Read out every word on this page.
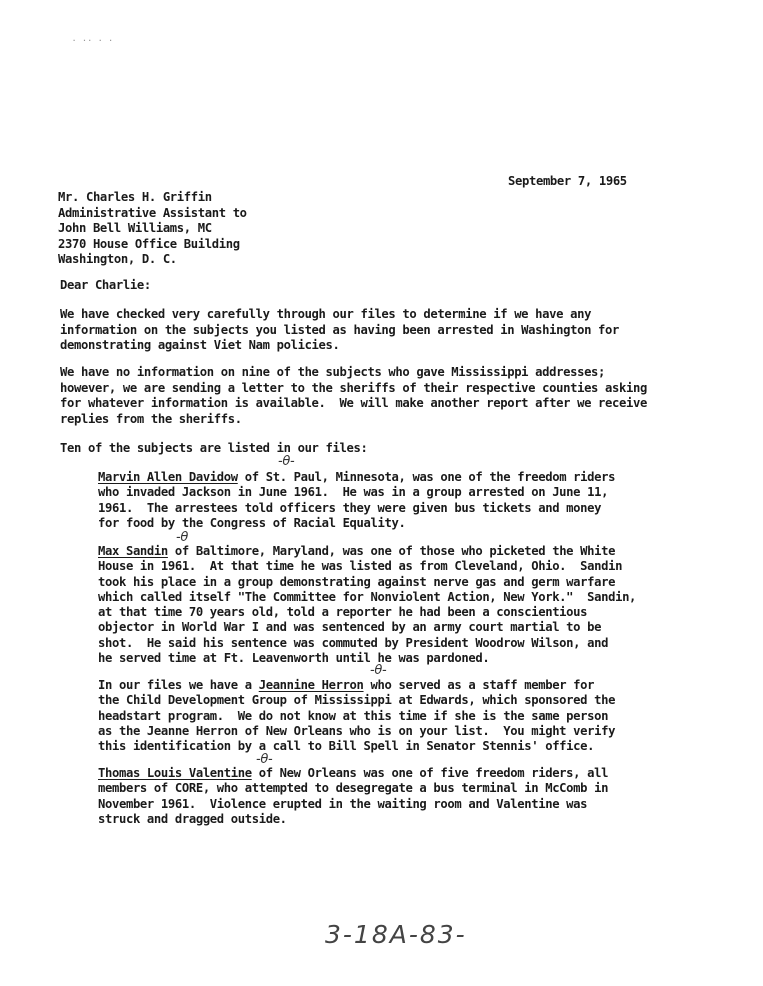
· ·· · ·
September 7, 1965
Mr. Charles H. Griffin
Administrative Assistant to
John Bell Williams, MC
2370 House Office Building
Washington, D. C.
Dear Charlie:
We have checked very carefully through our files to determine if we have any
information on the subjects you listed as having been arrested in Washington for
demonstrating against Viet Nam policies.
We have no information on nine of the subjects who gave Mississippi addresses;
however, we are sending a letter to the sheriffs of their respective counties asking
for whatever information is available.  We will make another report after we receive
replies from the sheriffs.
Ten of the subjects are listed in our files:
-θ-
Marvin Allen Davidow of St. Paul, Minnesota, was one of the freedom riders
who invaded Jackson in June 1961.  He was in a group arrested on June 11,
1961.  The arrestees told officers they were given bus tickets and money
for food by the Congress of Racial Equality.
-θ
Max Sandin of Baltimore, Maryland, was one of those who picketed the White
House in 1961.  At that time he was listed as from Cleveland, Ohio.  Sandin
took his place in a group demonstrating against nerve gas and germ warfare
which called itself "The Committee for Nonviolent Action, New York."  Sandin,
at that time 70 years old, told a reporter he had been a conscientious
objector in World War I and was sentenced by an army court martial to be
shot.  He said his sentence was commuted by President Woodrow Wilson, and
he served time at Ft. Leavenworth until he was pardoned.
-θ-
In our files we have a Jeannine Herron who served as a staff member for
the Child Development Group of Mississippi at Edwards, which sponsored the
headstart program.  We do not know at this time if she is the same person
as the Jeanne Herron of New Orleans who is on your list.  You might verify
this identification by a call to Bill Spell in Senator Stennis' office.
-θ-
Thomas Louis Valentine of New Orleans was one of five freedom riders, all
members of CORE, who attempted to desegregate a bus terminal in McComb in
November 1961.  Violence erupted in the waiting room and Valentine was
struck and dragged outside.
3-18A-83-
